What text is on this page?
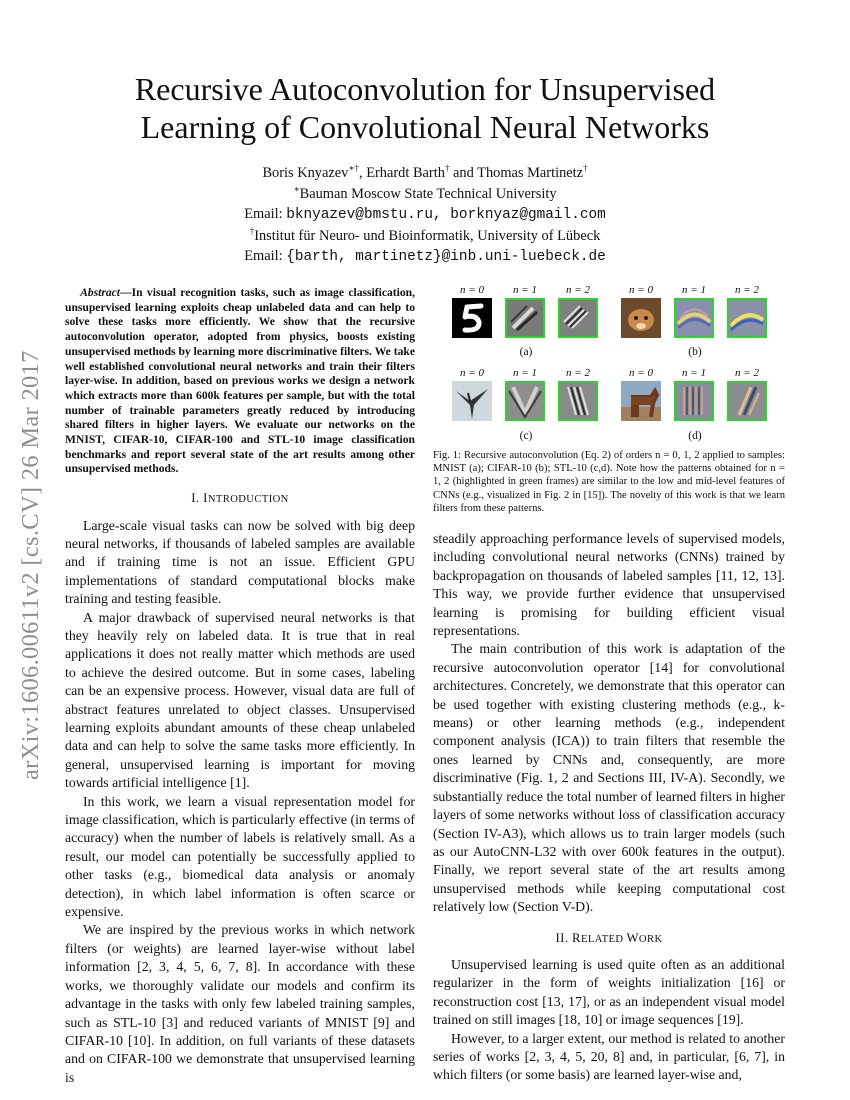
arXiv:1606.00611v2 [cs.CV] 26 Mar 2017
Recursive Autoconvolution for Unsupervised
Learning of Convolutional Neural Networks
Boris Knyazev∗†, Erhardt Barth† and Thomas Martinetz†
∗Bauman Moscow State Technical University
Email: bknyazev@bmstu.ru, borknyaz@gmail.com
†Institut für Neuro- und Bioinformatik, University of Lübeck
Email: {barth, martinetz}@inb.uni-luebeck.de

Abstract—In visual recognition tasks, such as image classification, unsupervised learning exploits cheap unlabeled data and can help to solve these tasks more efficiently. We show that the recursive autoconvolution operator, adopted from physics, boosts existing unsupervised methods by learning more discriminative filters. We take well established convolutional neural networks and train their filters layer-wise. In addition, based on previous works we design a network which extracts more than 600k features per sample, but with the total number of trainable parameters greatly reduced by introducing shared filters in higher layers. We evaluate our networks on the MNIST, CIFAR-10, CIFAR-100 and STL-10 image classification benchmarks and report several state of the art results among other unsupervised methods.

I. INTRODUCTION

Large-scale visual tasks can now be solved with big deep neural networks, if thousands of labeled samples are available and if training time is not an issue. Efficient GPU implementations of standard computational blocks make training and testing feasible.

A major drawback of supervised neural networks is that they heavily rely on labeled data. It is true that in real applications it does not really matter which methods are used to achieve the desired outcome. But in some cases, labeling can be an expensive process. However, visual data are full of abstract features unrelated to object classes. Unsupervised learning exploits abundant amounts of these cheap unlabeled data and can help to solve the same tasks more efficiently. In general, unsupervised learning is important for moving towards artificial intelligence [1].

In this work, we learn a visual representation model for image classification, which is particularly effective (in terms of accuracy) when the number of labels is relatively small. As a result, our model can potentially be successfully applied to other tasks (e.g., biomedical data analysis or anomaly detection), in which label information is often scarce or expensive.

We are inspired by the previous works in which network filters (or weights) are learned layer-wise without label information [2, 3, 4, 5, 6, 7, 8]. In accordance with these works, we thoroughly validate our models and confirm its advantage in the tasks with only few labeled training samples, such as STL-10 [3] and reduced variants of MNIST [9] and CIFAR-10 [10]. In addition, on full variants of these datasets and on CIFAR-100 we demonstrate that unsupervised learning is

n = 0	n = 1	n = 2	n = 0	n = 1	n = 2
(a)	(b)
n = 0	n = 1	n = 2	n = 0	n = 1	n = 2
(c)	(d)
Fig. 1: Recursive autoconvolution (Eq. 2) of orders n = 0, 1, 2 applied to samples: MNIST (a); CIFAR-10 (b); STL-10 (c,d). Note how the patterns obtained for n = 1, 2 (highlighted in green frames) are similar to the low and mid-level features of CNNs (e.g., visualized in Fig. 2 in [15]). The novelty of this work is that we learn filters from these patterns.

steadily approaching performance levels of supervised models, including convolutional neural networks (CNNs) trained by backpropagation on thousands of labeled samples [11, 12, 13]. This way, we provide further evidence that unsupervised learning is promising for building efficient visual representations.

The main contribution of this work is adaptation of the recursive autoconvolution operator [14] for convolutional architectures. Concretely, we demonstrate that this operator can be used together with existing clustering methods (e.g., k-means) or other learning methods (e.g., independent component analysis (ICA)) to train filters that resemble the ones learned by CNNs and, consequently, are more discriminative (Fig. 1, 2 and Sections III, IV-A). Secondly, we substantially reduce the total number of learned filters in higher layers of some networks without loss of classification accuracy (Section IV-A3), which allows us to train larger models (such as our AutoCNN-L32 with over 600k features in the output). Finally, we report several state of the art results among unsupervised methods while keeping computational cost relatively low (Section V-D).

II. RELATED WORK

Unsupervised learning is used quite often as an additional regularizer in the form of weights initialization [16] or reconstruction cost [13, 17], or as an independent visual model trained on still images [18, 10] or image sequences [19].

However, to a larger extent, our method is related to another series of works [2, 3, 4, 5, 20, 8] and, in particular, [6, 7], in which filters (or some basis) are learned layer-wise and,
